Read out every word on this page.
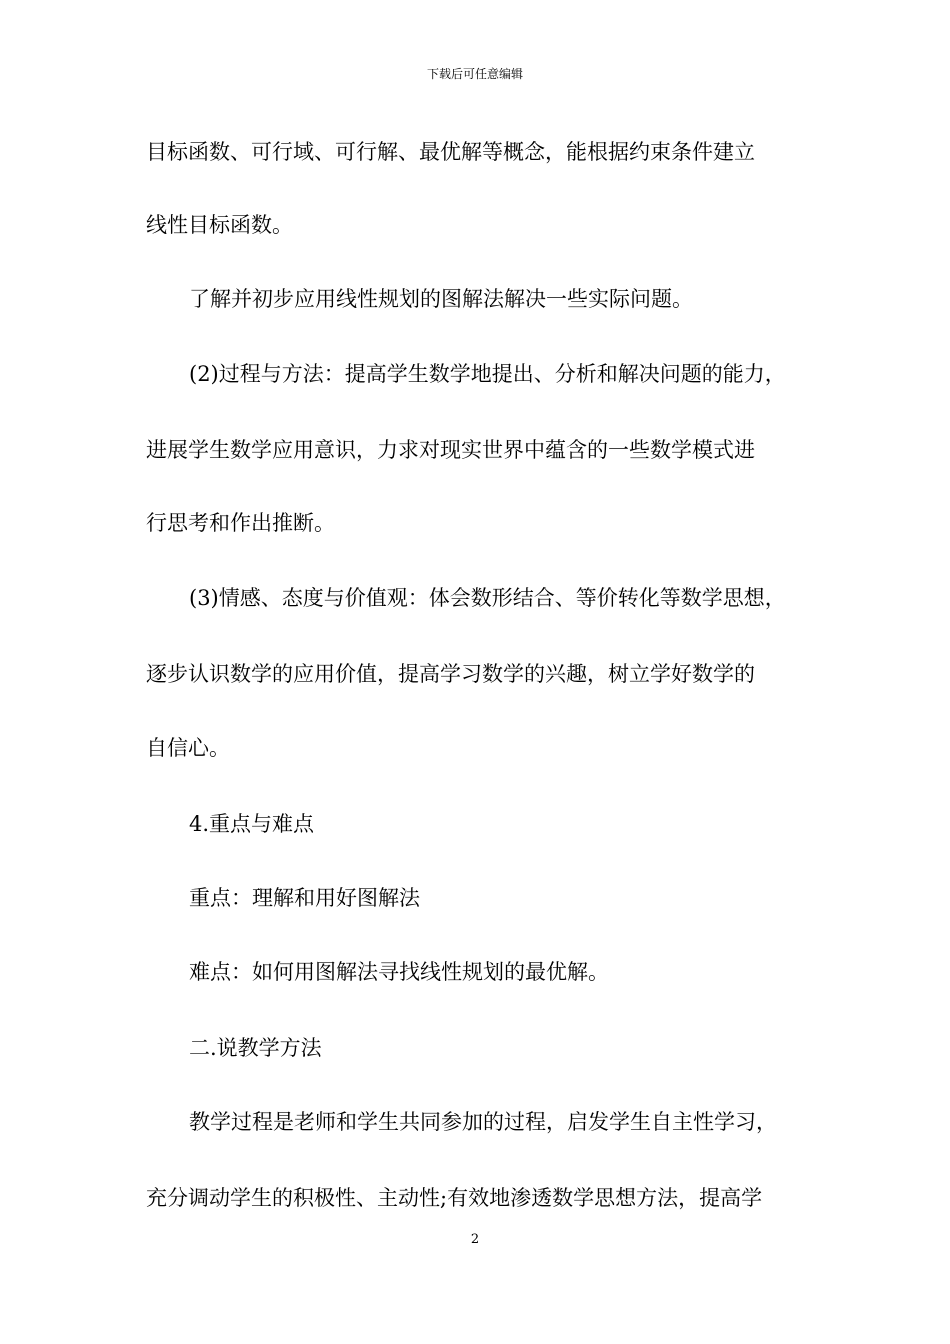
下载后可任意编辑
目标函数、可行域、可行解、最优解等概念，能根据约束条件建立
线性目标函数。
了解并初步应用线性规划的图解法解决一些实际问题。
(2)过程与方法：提高学生数学地提出、分析和解决问题的能力，
进展学生数学应用意识，力求对现实世界中蕴含的一些数学模式进
行思考和作出推断。
(3)情感、态度与价值观：体会数形结合、等价转化等数学思想，
逐步认识数学的应用价值，提高学习数学的兴趣，树立学好数学的
自信心。
4.重点与难点
重点：理解和用好图解法
难点：如何用图解法寻找线性规划的最优解。
二.说教学方法
教学过程是老师和学生共同参加的过程，启发学生自主性学习，
充分调动学生的积极性、主动性;有效地渗透数学思想方法，提高学
2
